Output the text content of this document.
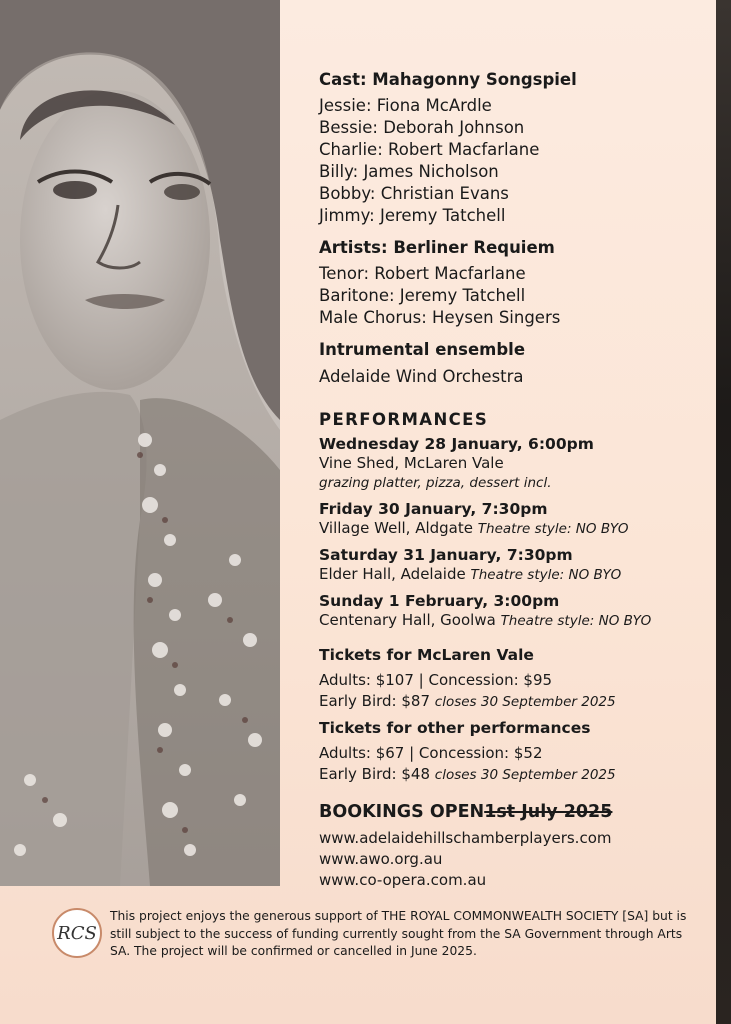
Cast: Mahagonny Songspiel
Jessie: Fiona McArdle
Bessie: Deborah Johnson
Charlie: Robert Macfarlane
Billy: James Nicholson
Bobby: Christian Evans
Jimmy: Jeremy Tatchell
Artists: Berliner Requiem
Tenor: Robert Macfarlane
Baritone: Jeremy Tatchell
Male Chorus: Heysen Singers
Intrumental ensemble
Adelaide Wind Orchestra
PERFORMANCES
Wednesday 28 January, 6:00pm
Vine Shed, McLaren Vale
grazing platter, pizza, dessert incl.
Friday 30 January, 7:30pm
Village Well, Aldgate Theatre style: NO BYO
Saturday 31 January, 7:30pm
Elder Hall, Adelaide Theatre style: NO BYO
Sunday 1 February, 3:00pm
Centenary Hall, Goolwa Theatre style: NO BYO
Tickets for McLaren Vale
Adults: $107 | Concession: $95
Early Bird: $87 closes 30 September 2025
Tickets for other performances
Adults: $67 | Concession: $52
Early Bird: $48 closes 30 September 2025
BOOKINGS OPEN1st July 2025
www.adelaidehillschamberplayers.com
www.awo.org.au
www.co-opera.com.au
RCS
This project enjoys the generous support of THE ROYAL COMMONWEALTH SOCIETY [SA] but is still subject to the success of funding currently sought from the SA Government through Arts SA. The project will be confirmed or cancelled in June 2025.
